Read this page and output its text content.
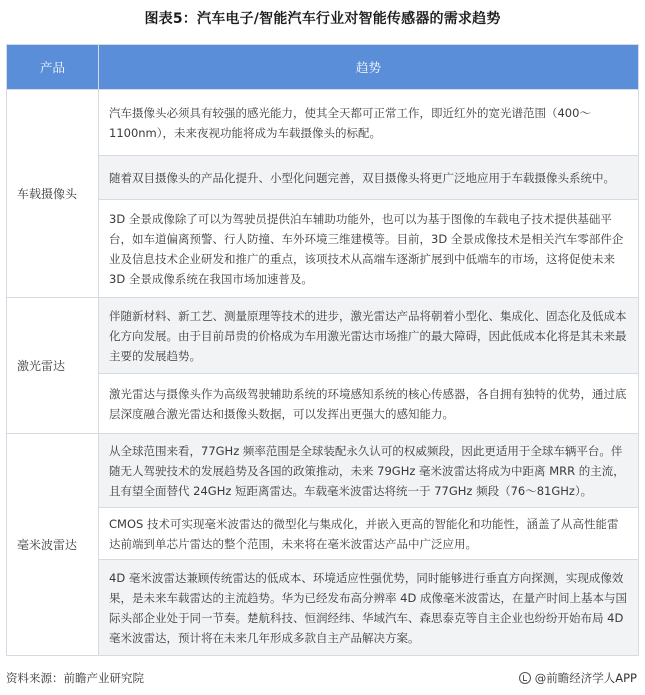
图表5：汽车电子/智能汽车行业对智能传感器的需求趋势
产品	趋势
车载摄像头	汽车摄像头必须具有较强的感光能力，使其全天都可正常工作，即近红外的宽光谱范围（400～1100nm），未来夜视功能将成为车载摄像头的标配。
	随着双目摄像头的产品化提升、小型化问题完善，双目摄像头将更广泛地应用于车载摄像头系统中。
	3D 全景成像除了可以为驾驶员提供泊车辅助功能外，也可以为基于图像的车载电子技术提供基础平台，如车道偏离预警、行人防撞、车外环境三维建模等。目前，3D 全景成像技术是相关汽车零部件企业及信息技术企业研发和推广的重点，该项技术从高端车逐渐扩展到中低端车的市场，这将促使未来 3D 全景成像系统在我国市场加速普及。
激光雷达	伴随新材料、新工艺、测量原理等技术的进步，激光雷达产品将朝着小型化、集成化、固态化及低成本化方向发展。由于目前昂贵的价格成为车用激光雷达市场推广的最大障碍，因此低成本化将是其未来最主要的发展趋势。
	激光雷达与摄像头作为高级驾驶辅助系统的环境感知系统的核心传感器，各自拥有独特的优势，通过底层深度融合激光雷达和摄像头数据，可以发挥出更强大的感知能力。
毫米波雷达	从全球范围来看，77GHz 频率范围是全球装配永久认可的权威频段，因此更适用于全球车辆平台。伴随无人驾驶技术的发展趋势及各国的政策推动，未来 79GHz 毫米波雷达将成为中距离 MRR 的主流，且有望全面替代 24GHz 短距离雷达。车载毫米波雷达将统一于 77GHz 频段（76～81GHz）。
	CMOS 技术可实现毫米波雷达的微型化与集成化，并嵌入更高的智能化和功能性，涵盖了从高性能雷达前端到单芯片雷达的整个范围，未来将在毫米波雷达产品中广泛应用。
	4D 毫米波雷达兼顾传统雷达的低成本、环境适应性强优势，同时能够进行垂直方向探测，实现成像效果，是未来车载雷达的主流趋势。华为已经发布高分辨率 4D 成像毫米波雷达，在量产时间上基本与国际头部企业处于同一节奏。楚航科技、恒润经纬、华域汽车、森思泰克等自主企业也纷纷开始布局 4D 毫米波雷达，预计将在未来几年形成多款自主产品解决方案。
资料来源：前瞻产业研究院	@前瞻经济学人APP
